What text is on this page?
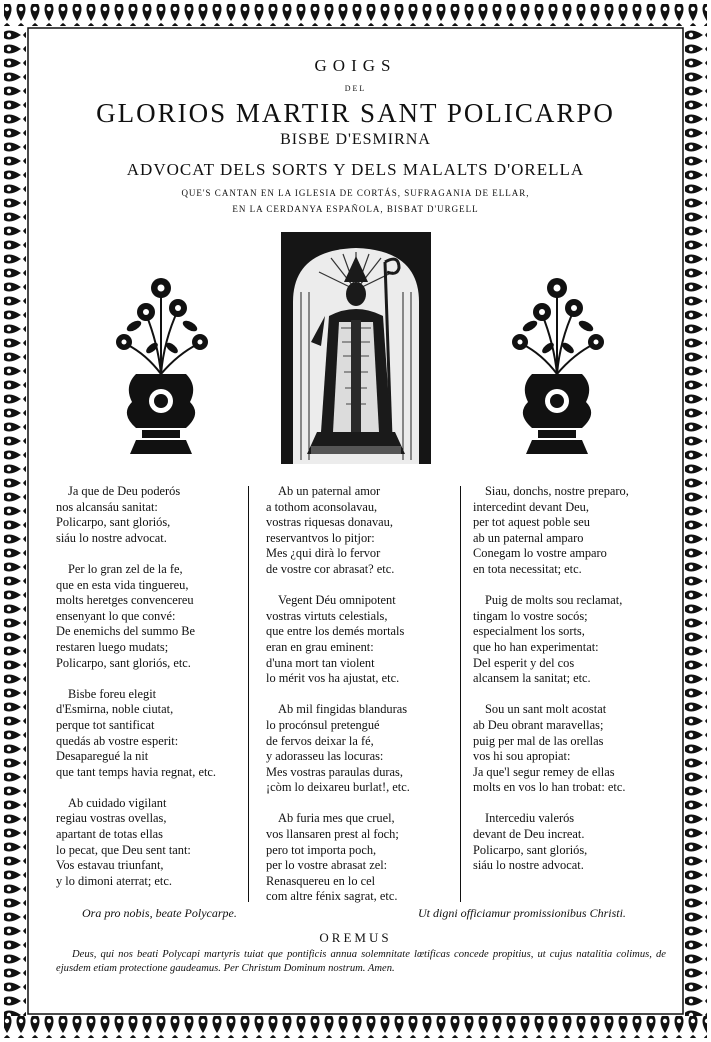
GOIGS
DEL
GLORIOS MARTIR SANT POLICARPO
BISBE D'ESMIRNA
ADVOCAT DELS SORTS Y DELS MALALTS D'ORELLA
QUE'S CANTAN EN LA IGLESIA DE CORTÁS, SUFRAGANIA DE ELLAR,
EN LA CERDANYA ESPAÑOLA, BISBAT D'URGELL
Ja que de Deu poderós
nos alcansáu sanitat:
Policarpo, sant gloriós,
siáu lo nostre advocat.
Per lo gran zel de la fe,
que en esta vida tinguereu,
molts heretges convencereu
ensenyant lo que convé:
De enemichs del summo Be
restaren luego mudats;
Policarpo, sant gloriós, etc.
Bisbe foreu elegit
d'Esmirna, noble ciutat,
perque tot santificat
quedás ab vostre esperit:
Desaparegué la nit
que tant temps havia regnat, etc.
Ab cuidado vigilant
regiau vostras ovellas,
apartant de totas ellas
lo pecat, que Deu sent tant:
Vos estavau triunfant,
y lo dimoni aterrat; etc.
Ab un paternal amor
a tothom aconsolavau,
vostras riquesas donavau,
reservantvos lo pitjor:
Mes ¿qui dirà lo fervor
de vostre cor abrasat? etc.
Vegent Déu omnipotent
vostras virtuts celestials,
que entre los demés mortals
eran en grau eminent:
d'una mort tan violent
lo mérit vos ha ajustat, etc.
Ab mil fingidas blanduras
lo procónsul pretengué
de fervos deixar la fé,
y adorasseu las locuras:
Mes vostras paraulas duras,
¡còm lo deixareu burlat!, etc.
Ab furia mes que cruel,
vos llansaren prest al foch;
pero tot importa poch,
per lo vostre abrasat zel:
Renasquereu en lo cel
com altre fénix sagrat, etc.
Siau, donchs, nostre preparo,
intercedint devant Deu,
per tot aquest poble seu
ab un paternal amparo
Conegam lo vostre amparo
en tota necessitat; etc.
Puig de molts sou reclamat,
tingam lo vostre socós;
especialment los sorts,
que ho han experimentat:
Del esperit y del cos
alcansem la sanitat; etc.
Sou un sant molt acostat
ab Deu obrant maravellas;
puig per mal de las orellas
vos hi sou apropiat:
Ja que'l segur remey de ellas
molts en vos lo han trobat: etc.
Intercediu valerós
devant de Deu increat.
Policarpo, sant gloriós,
siáu lo nostre advocat.
Ora pro nobis, beate Polycarpe.	Ut digni officiamur promissionibus Christi.
OREMUS
Deus, qui nos beati Polycapi martyris tuiat que pontificis annua solemnitate lœtificas concede propitius, ut cujus natalitia colimus, de ejusdem etiam protectione gaudeamus. Per Christum Dominum nostrum. Amen.
